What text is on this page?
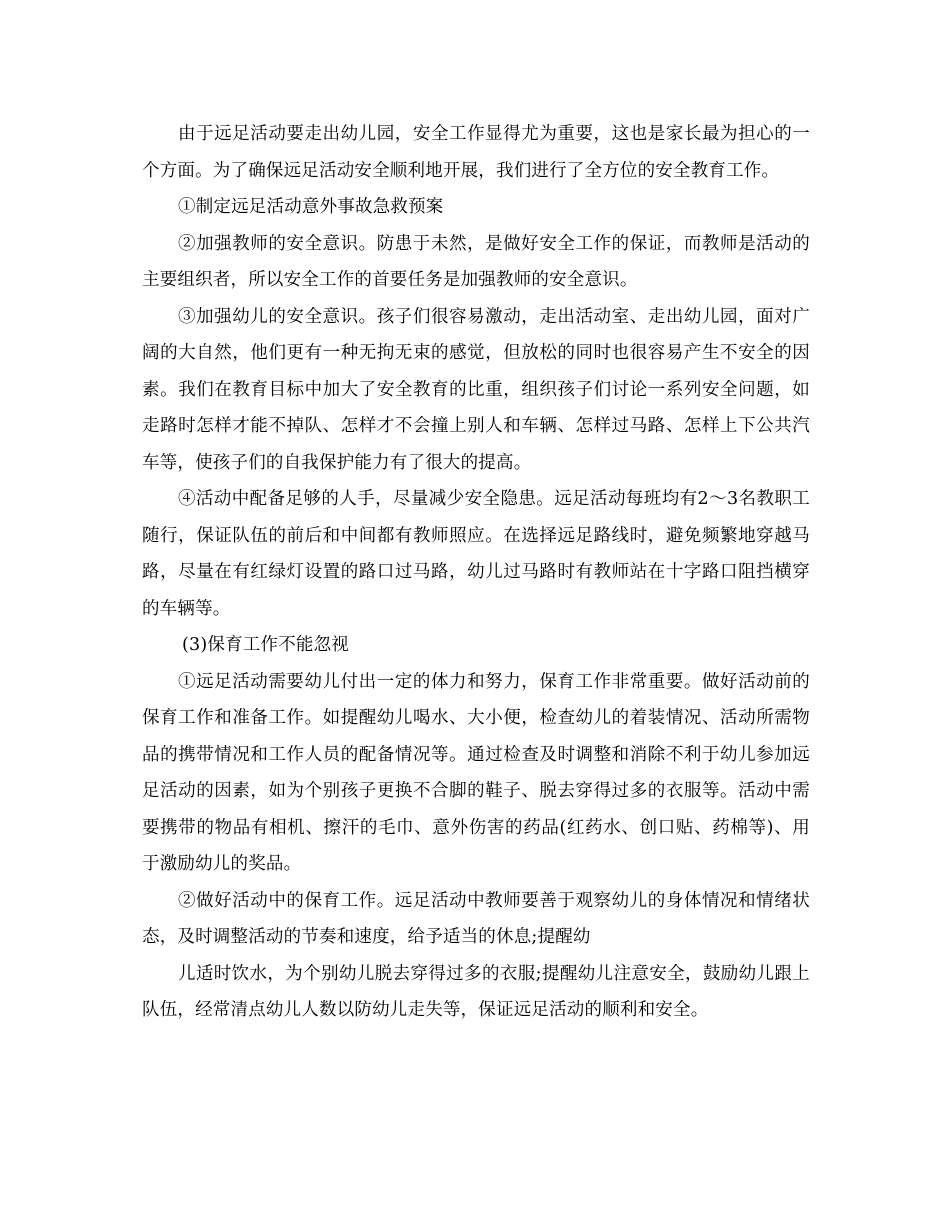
由于远足活动要走出幼儿园，安全工作显得尤为重要，这也是家长最为担心的一个方面。为了确保远足活动安全顺利地开展，我们进行了全方位的安全教育工作。

①制定远足活动意外事故急救预案

②加强教师的安全意识。防患于未然，是做好安全工作的保证，而教师是活动的主要组织者，所以安全工作的首要任务是加强教师的安全意识。

③加强幼儿的安全意识。孩子们很容易激动，走出活动室、走出幼儿园，面对广阔的大自然，他们更有一种无拘无束的感觉，但放松的同时也很容易产生不安全的因素。我们在教育目标中加大了安全教育的比重，组织孩子们讨论一系列安全问题，如走路时怎样才能不掉队、怎样才不会撞上别人和车辆、怎样过马路、怎样上下公共汽车等，使孩子们的自我保护能力有了很大的提高。

④活动中配备足够的人手，尽量减少安全隐患。远足活动每班均有2～3名教职工随行，保证队伍的前后和中间都有教师照应。在选择远足路线时，避免频繁地穿越马路，尽量在有红绿灯设置的路口过马路，幼儿过马路时有教师站在十字路口阻挡横穿的车辆等。

(3)保育工作不能忽视

①远足活动需要幼儿付出一定的体力和努力，保育工作非常重要。做好活动前的保育工作和准备工作。如提醒幼儿喝水、大小便，检查幼儿的着装情况、活动所需物品的携带情况和工作人员的配备情况等。通过检查及时调整和消除不利于幼儿参加远足活动的因素，如为个别孩子更换不合脚的鞋子、脱去穿得过多的衣服等。活动中需要携带的物品有相机、擦汗的毛巾、意外伤害的药品(红药水、创口贴、药棉等)、用于激励幼儿的奖品。

②做好活动中的保育工作。远足活动中教师要善于观察幼儿的身体情况和情绪状态，及时调整活动的节奏和速度，给予适当的休息;提醒幼

儿适时饮水，为个别幼儿脱去穿得过多的衣服;提醒幼儿注意安全，鼓励幼儿跟上队伍，经常清点幼儿人数以防幼儿走失等，保证远足活动的顺利和安全。
